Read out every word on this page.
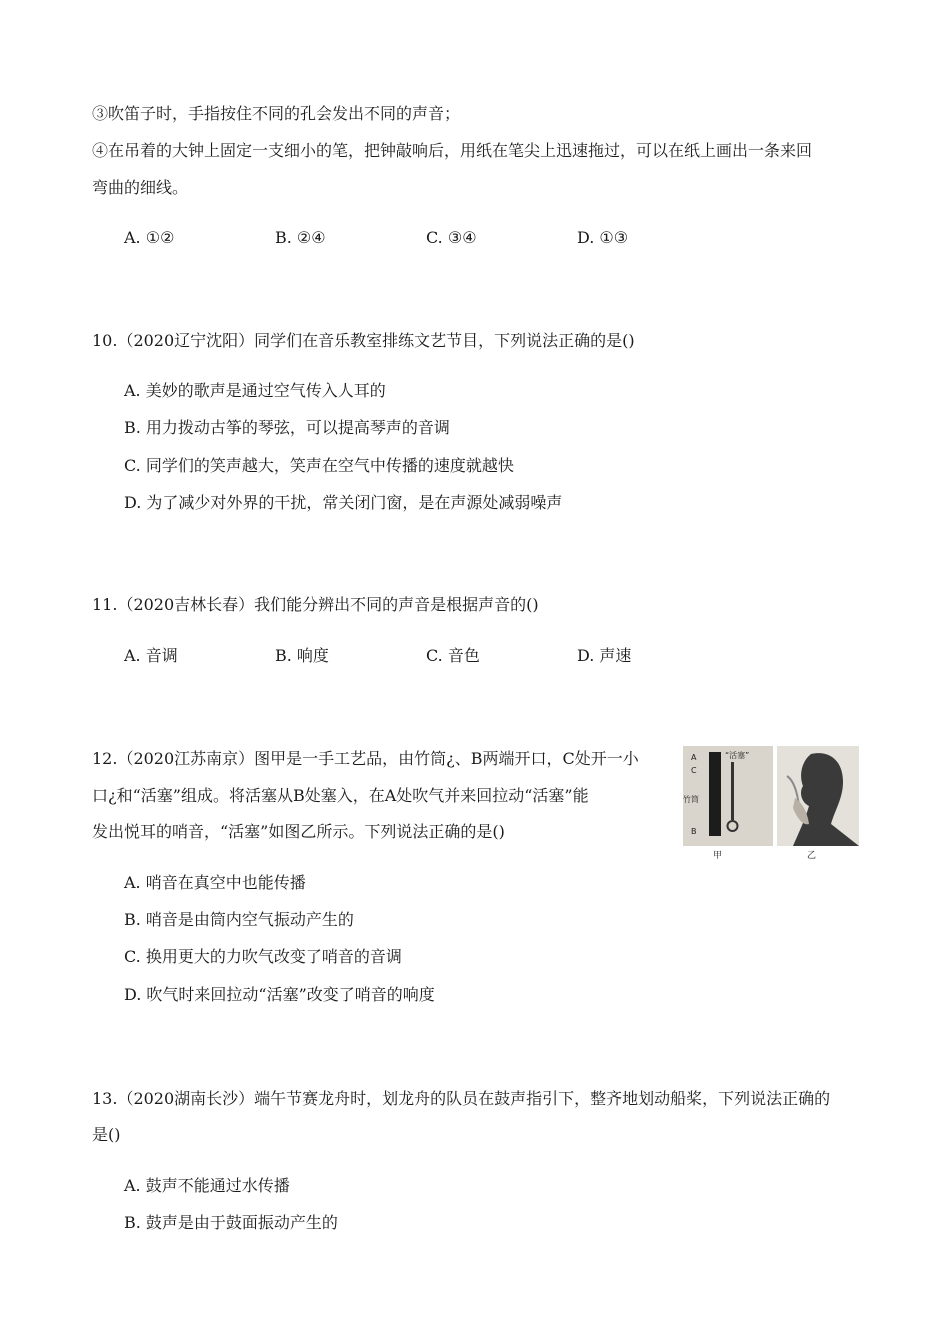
③吹笛子时，手指按住不同的孔会发出不同的声音；
④在吊着的大钟上固定一支细小的笔，把钟敲响后，用纸在笔尖上迅速拖过，可以在纸上画出一条来回
弯曲的细线。
A. ①②	B. ②④	C. ③④	D. ①③
10.（2020辽宁沈阳）同学们在音乐教室排练文艺节目，下列说法正确的是()
A. 美妙的歌声是通过空气传入人耳的
B. 用力拨动古筝的琴弦，可以提高琴声的音调
C. 同学们的笑声越大，笑声在空气中传播的速度就越快
D. 为了减少对外界的干扰，常关闭门窗，是在声源处减弱噪声
11.（2020吉林长春）我们能分辨出不同的声音是根据声音的()
A. 音调	B. 响度	C. 音色	D. 声速
12.（2020江苏南京）图甲是一手工艺品，由竹筒¿、B两端开口，C处开一小
口¿和“活塞”组成。将活塞从B处塞入，在A处吹气并来回拉动“活塞”能
发出悦耳的哨音，“活塞”如图乙所示。下列说法正确的是()
A
C
竹筒
B
“活塞”
甲	乙
A. 哨音在真空中也能传播
B. 哨音是由筒内空气振动产生的
C. 换用更大的力吹气改变了哨音的音调
D. 吹气时来回拉动“活塞”改变了哨音的响度
13.（2020湖南长沙）端午节赛龙舟时，划龙舟的队员在鼓声指引下，整齐地划动船桨，下列说法正确的
是()
A. 鼓声不能通过水传播
B. 鼓声是由于鼓面振动产生的
